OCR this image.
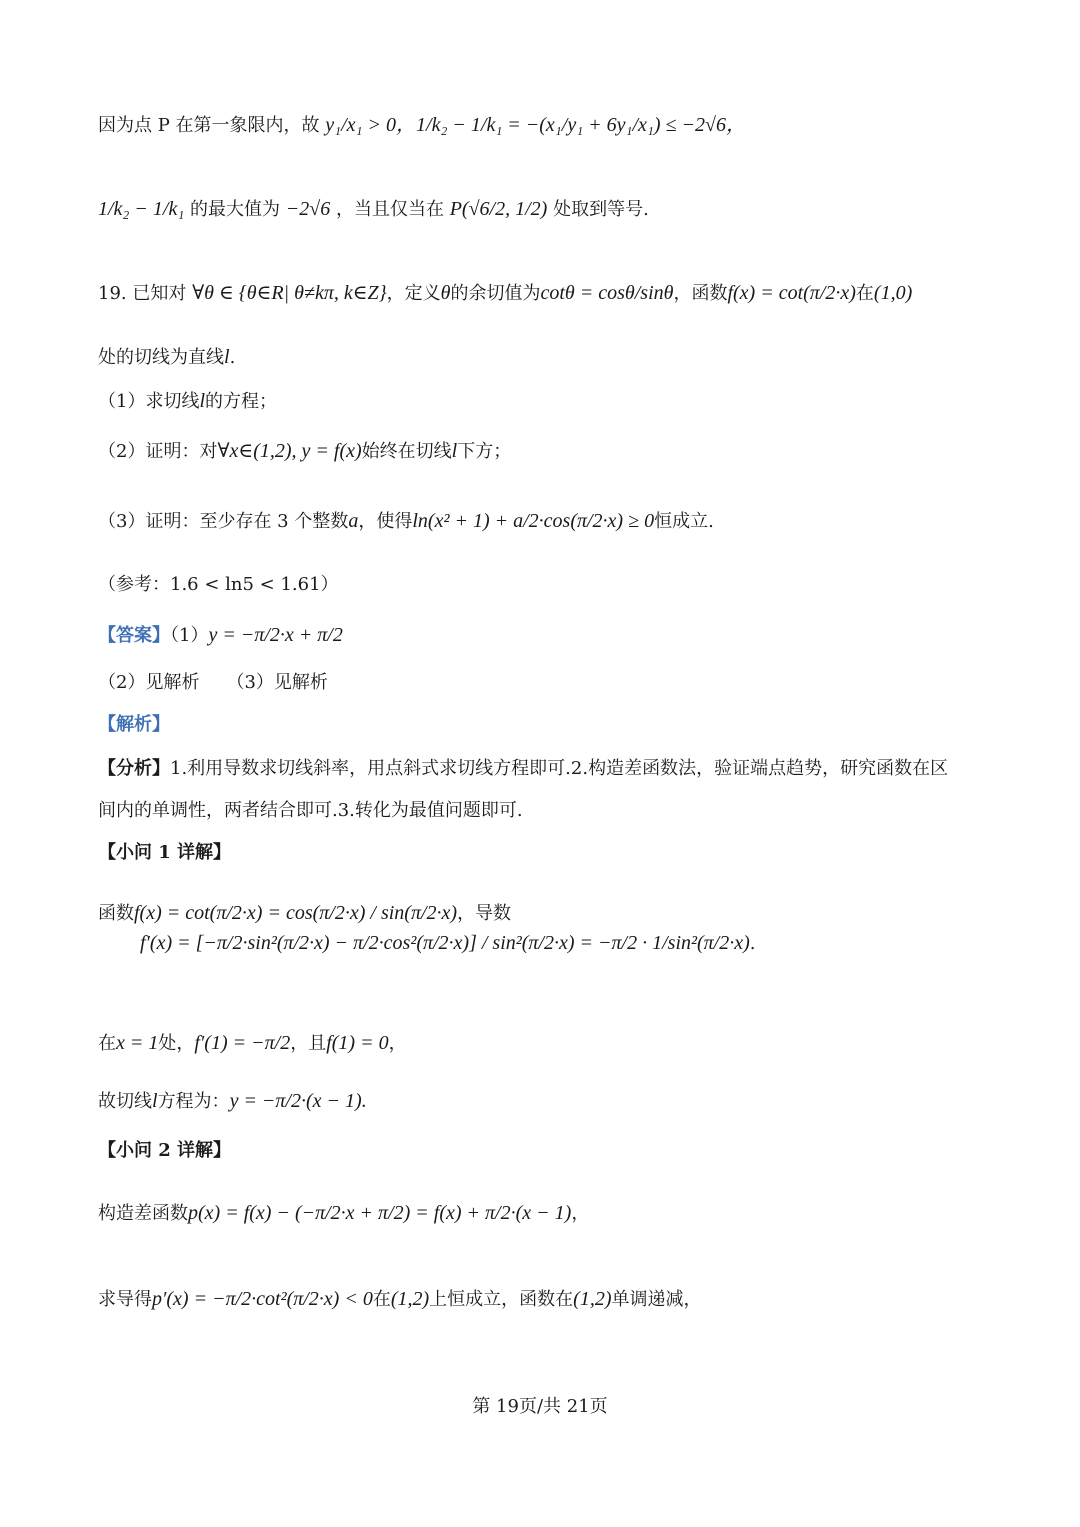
因为点 P 在第一象限内，故 y₁/x₁ > 0，1/k₂ − 1/k₁ = −(x₁/y₁ + 6y₁/x₁) ≤ −2√6，
1/k₂ − 1/k₁ 的最大值为 −2√6 ，当且仅当在 P(√6/2, 1/2) 处取到等号.
19. 已知对 ∀θ ∈ {θ∈R| θ≠kπ, k∈Z}，定义θ的余切值为cotθ = cosθ/sinθ，函数f(x) = cot(π/2·x)在(1,0)
处的切线为直线l.
（1）求切线l的方程；
（2）证明：对∀x∈(1,2), y = f(x)始终在切线l下方；
（3）证明：至少存在 3 个整数a，使得ln(x² + 1) + a/2·cos(π/2·x) ≥ 0恒成立.
（参考：1.6 < ln5 < 1.61）
【答案】（1）y = −π/2·x + π/2
（2）见解析　　（3）见解析
【解析】
【分析】1.利用导数求切线斜率，用点斜式求切线方程即可.2.构造差函数法，验证端点趋势，研究函数在区
间内的单调性，两者结合即可.3.转化为最值问题即可.
【小问 1 详解】
函数f(x) = cot(π/2·x) = cos(π/2·x) / sin(π/2·x)，导数
f′(x) = [−π/2·sin²(π/2·x) − π/2·cos²(π/2·x)] / sin²(π/2·x) = −π/2 · 1/sin²(π/2·x).
在x = 1处，f′(1) = −π/2，且f(1) = 0，
故切线l方程为：y = −π/2·(x − 1).
【小问 2 详解】
构造差函数p(x) = f(x) − (−π/2·x + π/2) = f(x) + π/2·(x − 1)，
求导得p′(x) = −π/2·cot²(π/2·x) < 0在(1,2)上恒成立，函数在(1,2)单调递减，
第 19页/共 21页
